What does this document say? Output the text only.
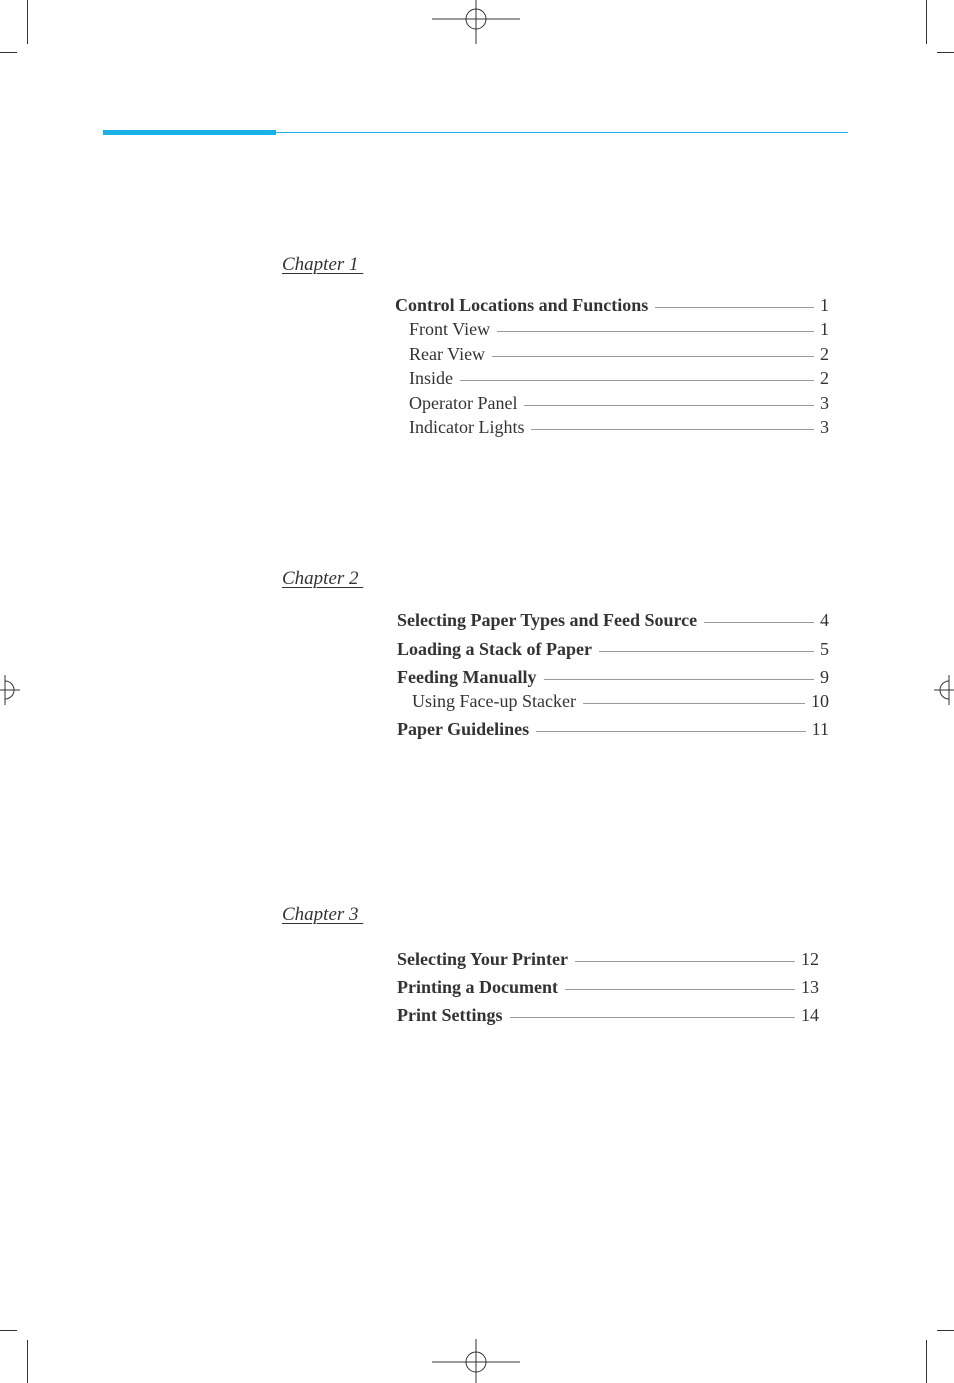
Chapter 1
Control Locations and Functions	1
Front View	1
Rear View	2
Inside	2
Operator Panel	3
Indicator Lights	3
Chapter 2
Selecting Paper Types and Feed Source	4
Loading a Stack of Paper	5
Feeding Manually	9
Using Face-up Stacker	10
Paper Guidelines	11
Chapter 3
Selecting Your Printer	12
Printing a Document	13
Print Settings	14
